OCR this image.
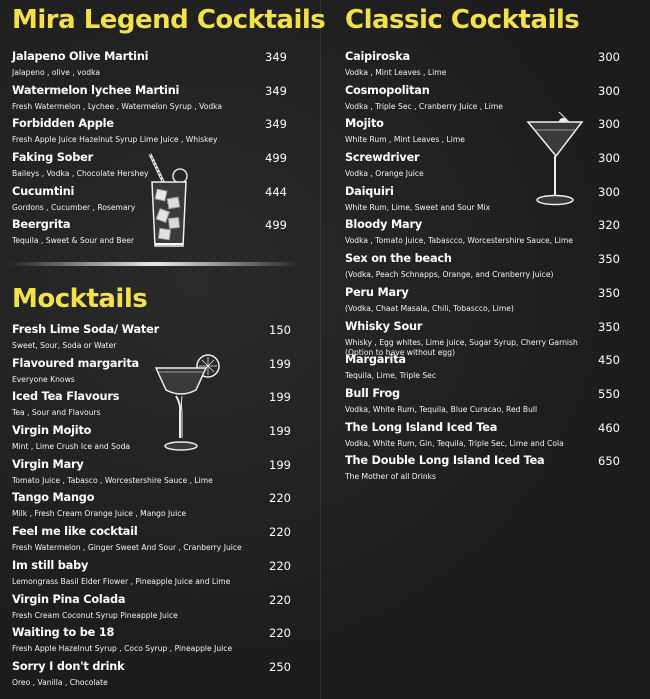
Mira Legend Cocktails
Jalapeno Olive Martini
Jalapeno , olive , vodka
349
Watermelon lychee Martini
Fresh Watermelon , Lychee , Watermelon Syrup , Vodka
349
Forbidden Apple
Fresh Apple Juice Hazelnut Syrup Lime Juice , Whiskey
349
Faking Sober
Baileys , Vodka , Chocolate Hershey
499
Cucumtini
Gordons , Cucumber , Rosemary
444
Beergrita
Tequila , Sweet & Sour and Beer
499
Mocktails
Fresh Lime Soda/ Water
Sweet, Sour, Soda or Water
150
Flavoured margarita
Everyone Knows
199
Iced Tea Flavours
Tea , Sour and Flavours
199
Virgin Mojito
Mint , Lime Crush Ice and Soda
199
Virgin Mary
Tomato Juice , Tabasco , Worcestershire Sauce , Lime
199
Tango Mango
Milk , Fresh Cream Orange Juice , Mango Juice
220
Feel me like cocktail
Fresh Watermelon , Ginger Sweet And Sour , Cranberry Juice
220
Im still baby
Lemongrass Basil Elder Flower , Pineapple Juice and Lime
220
Virgin Pina Colada
Fresh Cream Coconut Syrup Pineapple Juice
220
Waiting to be 18
Fresh Apple Hazelnut Syrup , Coco Syrup , Pineapple Juice
220
Sorry I don't drink
Oreo , Vanilla , Chocolate
250
Classic Cocktails
Caipiroska
Vodka , Mint Leaves , Lime
300
Cosmopolitan
Vodka , Triple Sec , Cranberry Juice , Lime
300
Mojito
White Rum , Mint Leaves , Lime
300
Screwdriver
Vodka , Orange Juice
300
Daiquiri
White Rum, Lime, Sweet and Sour Mix
300
Bloody Mary
Vodka , Tomato Juice, Tabascco, Worcestershire Sauce, Lime
320
Sex on the beach
(Vodka, Peach Schnapps, Orange, and Cranberry Juice)
350
Peru Mary
(Vodka, Chaat Masala, Chili, Tobascco, Lime)
350
Whisky Sour
Whisky , Egg whites, Lime juice, Sugar Syrup, Cherry Garnish
(Option to have without egg)
350
Margarita
Tequila, Lime, Triple Sec
450
Bull Frog
Vodka, White Rum, Tequila, Blue Curacao, Red Bull
550
The Long Island Iced Tea
Vodka, White Rum, Gin, Tequila, Triple Sec, Lime and Cola
460
The Double Long Island Iced Tea
The Mother of all Drinks
650
